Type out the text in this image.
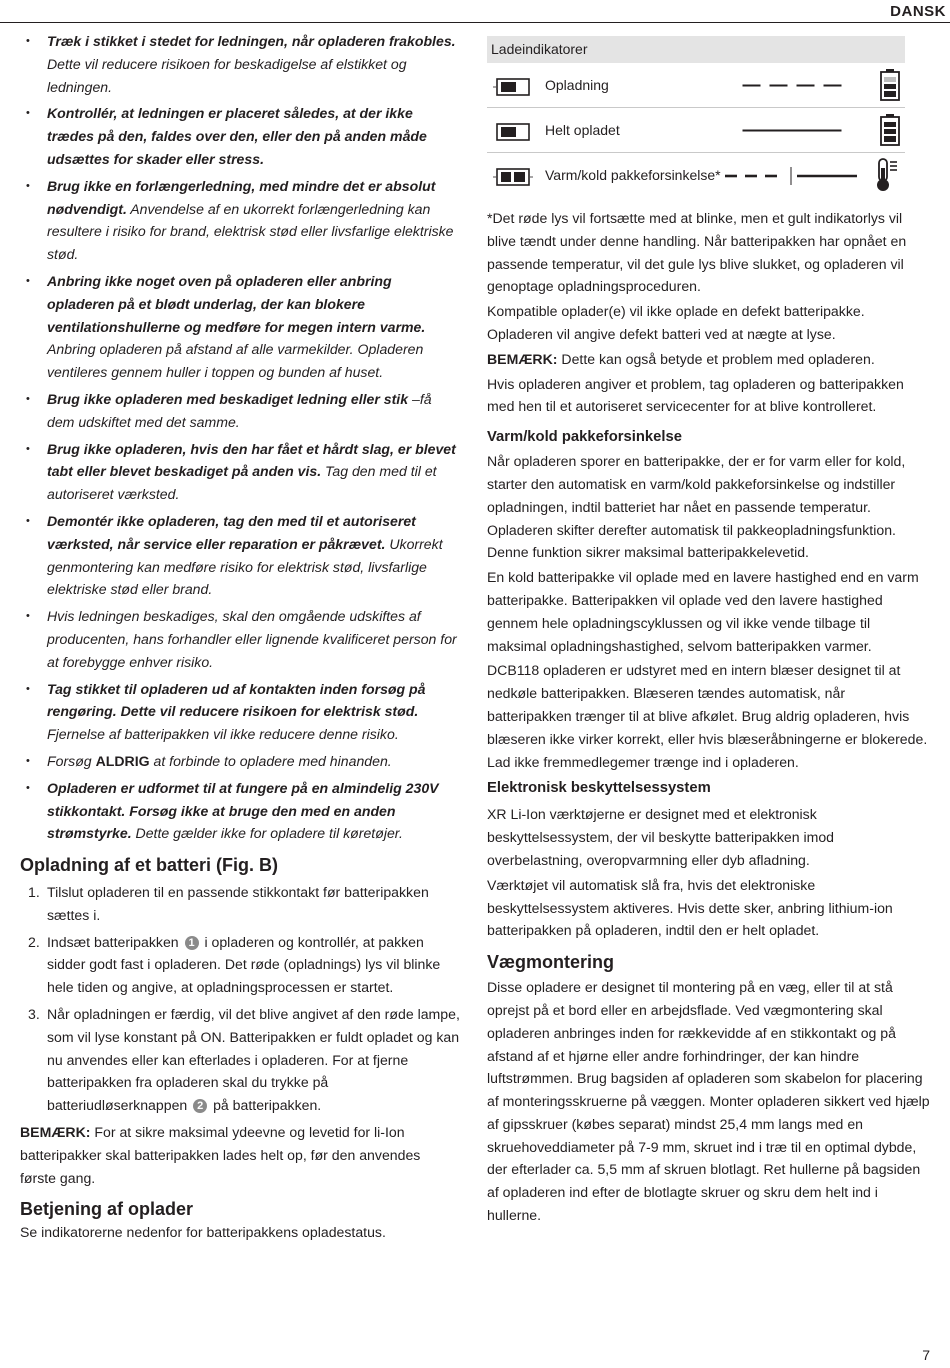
DANSK
• Træk i stikket i stedet for ledningen, når opladeren frakobles. Dette vil reducere risikoen for beskadigelse af elstikket og ledningen.
• Kontrollér, at ledningen er placeret således, at der ikke trædes på den, faldes over den, eller den på anden måde udsættes for skader eller stress.
• Brug ikke en forlængerledning, med mindre det er absolut nødvendigt. Anvendelse af en ukorrekt forlængerledning kan resultere i risiko for brand, elektrisk stød eller livsfarlige elektriske stød.
• Anbring ikke noget oven på opladeren eller anbring opladeren på et blødt underlag, der kan blokere ventilationshullerne og medføre for megen intern varme. Anbring opladeren på afstand af alle varmekilder. Opladeren ventileres gennem huller i toppen og bunden af huset.
• Brug ikke opladeren med beskadiget ledning eller stik –få dem udskiftet med det samme.
• Brug ikke opladeren, hvis den har fået et hårdt slag, er blevet tabt eller blevet beskadiget på anden vis. Tag den med til et autoriseret værksted.
• Demontér ikke opladeren, tag den med til et autoriseret værksted, når service eller reparation er påkrævet. Ukorrekt genmontering kan medføre risiko for elektrisk stød, livsfarlige elektriske stød eller brand.
• Hvis ledningen beskadiges, skal den omgående udskiftes af producenten, hans forhandler eller lignende kvalificeret person for at forebygge enhver risiko.
• Tag stikket til opladeren ud af kontakten inden forsøg på rengøring. Dette vil reducere risikoen for elektrisk stød. Fjernelse af batteripakken vil ikke reducere denne risiko.
• Forsøg ALDRIG at forbinde to opladere med hinanden.
• Opladeren er udformet til at fungere på en almindelig 230V stikkontakt. Forsøg ikke at bruge den med en anden strømstyrke. Dette gælder ikke for opladere til køretøjer.
Opladning af et batteri (Fig. B)
1. Tilslut opladeren til en passende stikkontakt før batteripakken sættes i.
2. Indsæt batteripakken 1 i opladeren og kontrollér, at pakken sidder godt fast i opladeren. Det røde (opladnings) lys vil blinke hele tiden og angive, at opladningsprocessen er startet.
3. Når opladningen er færdig, vil det blive angivet af den røde lampe, som vil lyse konstant på ON. Batteripakken er fuldt opladet og kan nu anvendes eller kan efterlades i opladeren. For at fjerne batteripakken fra opladeren skal du trykke på batteriudløserknappen 2 på batteripakken.

BEMÆRK: For at sikre maksimal ydeevne og levetid for li-Ion batteripakker skal batteripakken lades helt op, før den anvendes første gang.

Betjening af oplader

Se indikatorerne nedenfor for batteripakkens opladestatus.

Ladeindikatorer
Opladning
Helt opladet
Varm/kold pakkeforsinkelse*

*Det røde lys vil fortsætte med at blinke, men et gult indikatorlys vil blive tændt under denne handling. Når batteripakken har opnået en passende temperatur, vil det gule lys blive slukket, og opladeren vil genoptage opladningsproceduren.

Kompatible oplader(e) vil ikke oplade en defekt batteripakke. Opladeren vil angive defekt batteri ved at nægte at lyse.

BEMÆRK: Dette kan også betyde et problem med opladeren.

Hvis opladeren angiver et problem, tag opladeren og batteripakken med hen til et autoriseret servicecenter for at blive kontrolleret.

Varm/kold pakkeforsinkelse

Når opladeren sporer en batteripakke, der er for varm eller for kold, starter den automatisk en varm/kold pakkeforsinkelse og indstiller opladningen, indtil batteriet har nået en passende temperatur. Opladeren skifter derefter automatisk til pakkeopladningsfunktion. Denne funktion sikrer maksimal batteripakkelevetid.

En kold batteripakke vil oplade med en lavere hastighed end en varm batteripakke. Batteripakken vil oplade ved den lavere hastighed gennem hele opladningscyklussen og vil ikke vende tilbage til maksimal opladningshastighed, selvom batteripakken varmer.

DCB118 opladeren er udstyret med en intern blæser designet til at nedkøle batteripakken. Blæseren tændes automatisk, når batteripakken trænger til at blive afkølet. Brug aldrig opladeren, hvis blæseren ikke virker korrekt, eller hvis blæseråbningerne er blokerede. Lad ikke fremmedlegemer trænge ind i opladeren.

Elektronisk beskyttelsessystem

XR Li-Ion værktøjerne er designet med et elektronisk beskyttelsessystem, der vil beskytte batteripakken imod overbelastning, overopvarmning eller dyb afladning.

Værktøjet vil automatisk slå fra, hvis det elektroniske beskyttelsessystem aktiveres. Hvis dette sker, anbring lithium-ion batteripakken på opladeren, indtil den er helt opladet.

Vægmontering

Disse opladere er designet til montering på en væg, eller til at stå oprejst på et bord eller en arbejdsflade. Ved vægmontering skal opladeren anbringes inden for rækkevidde af en stikkontakt og på afstand af et hjørne eller andre forhindringer, der kan hindre luftstrømmen. Brug bagsiden af opladeren som skabelon for placering af monteringsskruerne på væggen. Monter opladeren sikkert ved hjælp af gipsskruer (købes separat) mindst 25,4 mm langs med en skruehoveddiameter på 7-9 mm, skruet ind i træ til en optimal dybde, der efterlader ca. 5,5 mm af skruen blotlagt. Ret hullerne på bagsiden af opladeren ind efter de blotlagte skruer og skru dem helt ind i hullerne.

7
